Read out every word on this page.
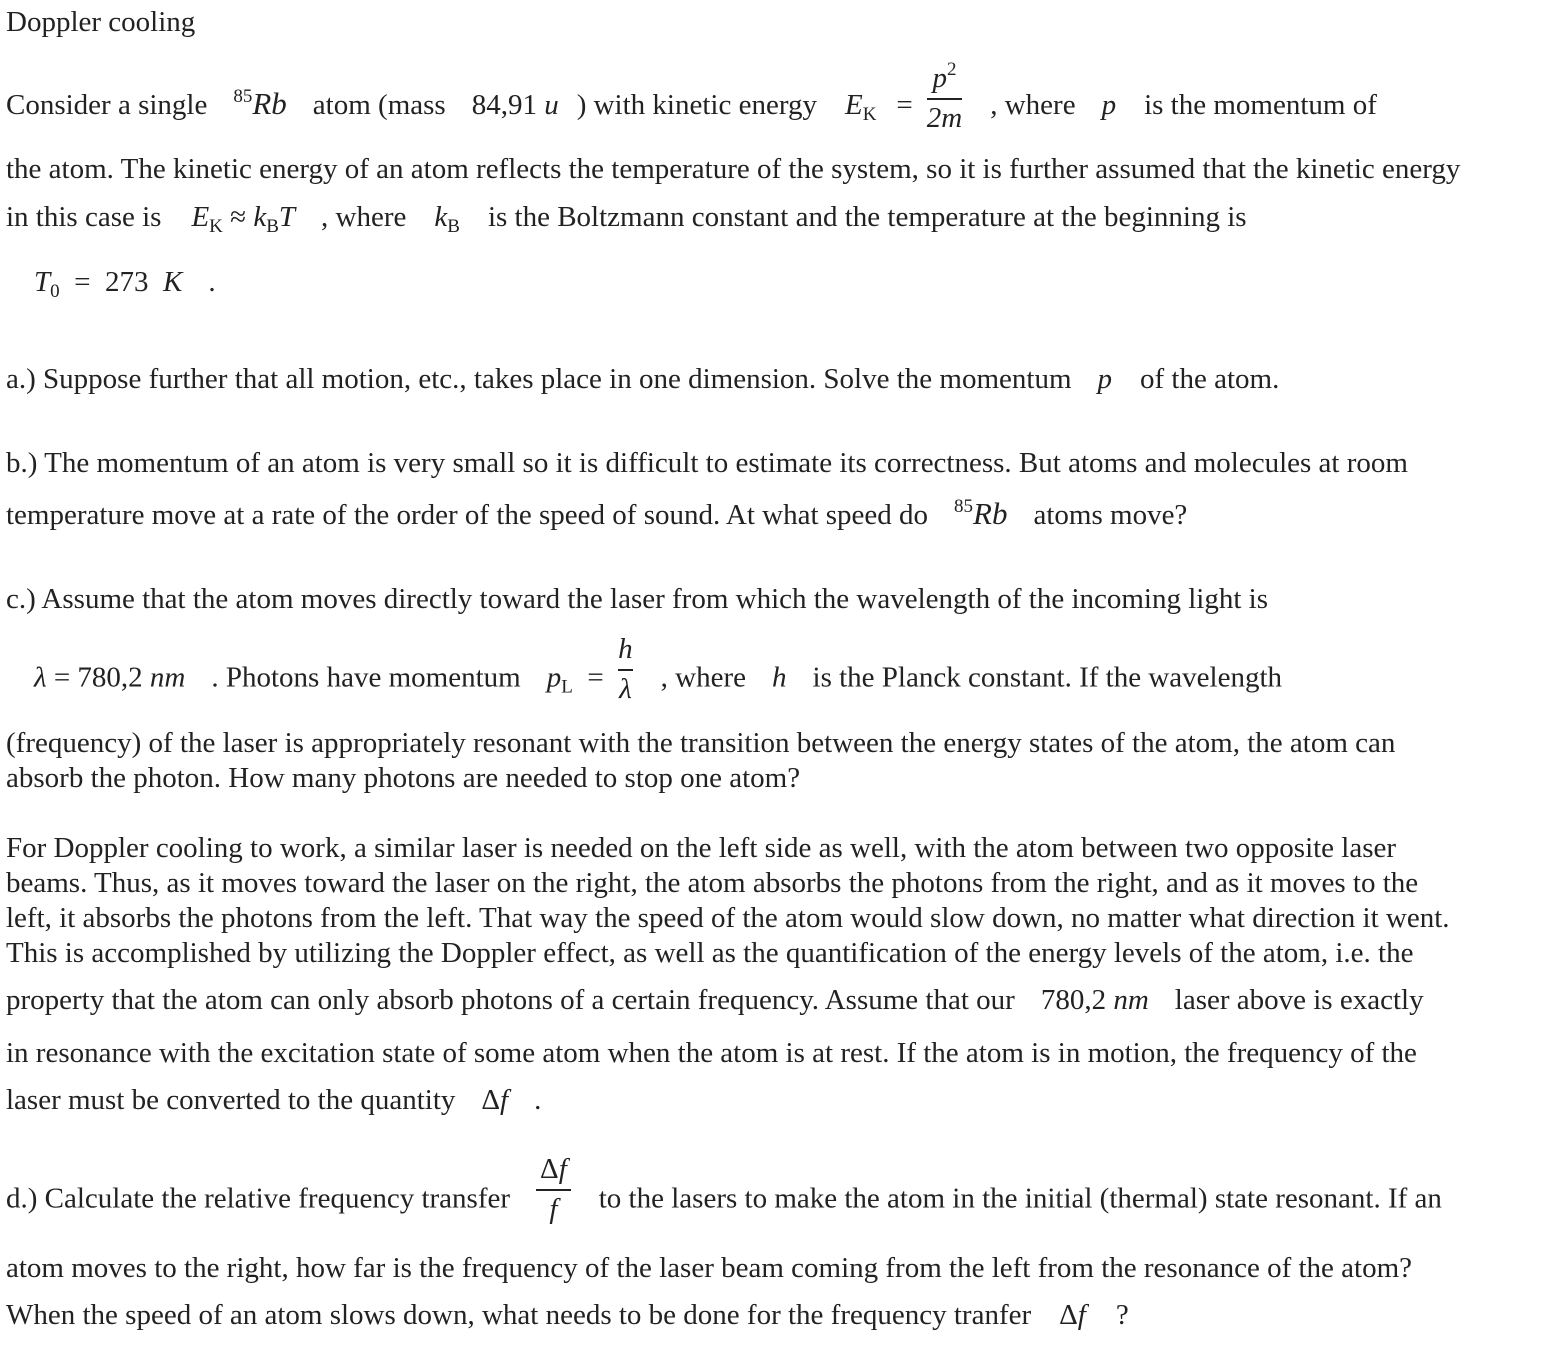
Doppler cooling
Consider a single $^{85}$Rb atom (mass 84,91 u ) with kinetic energy $E_K = \frac{p^2}{2m}$ , where p is the momentum of
the atom. The kinetic energy of an atom reflects the temperature of the system, so it is further assumed that the kinetic energy
in this case is $E_K \approx k_BT$ , where $k_B$ is the Boltzmann constant and the temperature at the beginning is
$T_0 = 273$ K .
a.) Suppose further that all motion, etc., takes place in one dimension. Solve the momentum p of the atom.
b.) The momentum of an atom is very small so it is difficult to estimate its correctness. But atoms and molecules at room
temperature move at a rate of the order of the speed of sound. At what speed do $^{85}$Rb atoms move?
c.) Assume that the atom moves directly toward the laser from which the wavelength of the incoming light is
λ = 780,2 nm . Photons have momentum $p_L = \frac{h}{\lambda}$ , where h is the Planck constant. If the wavelength
(frequency) of the laser is appropriately resonant with the transition between the energy states of the atom, the atom can
absorb the photon. How many photons are needed to stop one atom?
For Doppler cooling to work, a similar laser is needed on the left side as well, with the atom between two opposite laser
beams. Thus, as it moves toward the laser on the right, the atom absorbs the photons from the right, and as it moves to the
left, it absorbs the photons from the left. That way the speed of the atom would slow down, no matter what direction it went.
This is accomplished by utilizing the Doppler effect, as well as the quantification of the energy levels of the atom, i.e. the
property that the atom can only absorb photons of a certain frequency. Assume that our 780,2 nm laser above is exactly
in resonance with the excitation state of some atom when the atom is at rest. If the atom is in motion, the frequency of the
laser must be converted to the quantity Δf .
d.) Calculate the relative frequency transfer $\frac{\Delta f}{f}$ to the lasers to make the atom in the initial (thermal) state resonant. If an
atom moves to the right, how far is the frequency of the laser beam coming from the left from the resonance of the atom?
When the speed of an atom slows down, what needs to be done for the frequency tranfer Δf ?
